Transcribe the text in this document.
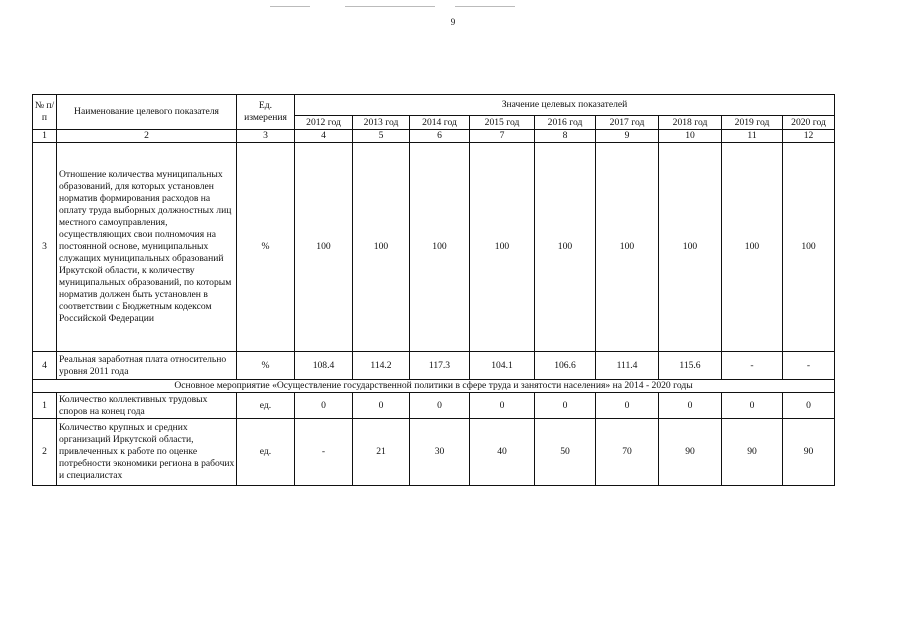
9
№ п/п	Наименование целевого показателя	Ед. измерения	Значение целевых показателей								
			2012 год	2013 год	2014 год	2015 год	2016 год	2017 год	2018 год	2019 год	2020 год
1	2	3	4	5	6	7	8	9	10	11	12
3	Отношение количества муниципальных образований, для которых установлен норматив формирования расходов на оплату труда выборных должностных лиц местного самоуправления, осуществляющих свои полномочия на постоянной основе, муниципальных служащих муниципальных образований Иркутской области, к количеству муниципальных образований, по которым норматив должен быть установлен в соответствии с Бюджетным кодексом Российской Федерации	%	100	100	100	100	100	100	100	100	100
4	Реальная заработная плата относительно уровня 2011 года	%	108.4	114.2	117.3	104.1	106.6	111.4	115.6	-	-
Основное мероприятие «Осуществление государственной политики в сфере труда и занятости населения» на 2014 - 2020 годы											
1	Количество коллективных трудовых споров на конец года	ед.	0	0	0	0	0	0	0	0	0
2	Количество крупных и средних организаций Иркутской области, привлеченных к работе по оценке потребности экономики региона в рабочих и специалистах	ед.	-	21	30	40	50	70	90	90	90
